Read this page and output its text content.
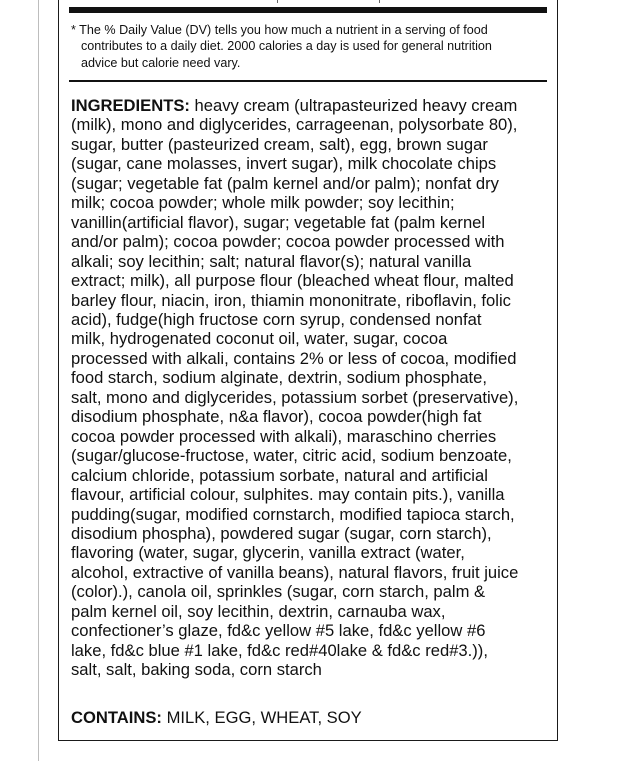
* The % Daily Value (DV) tells you how much a nutrient in a serving of food
contributes to a daily diet. 2000 calories a day is used for general nutrition
advice but calorie need vary.
INGREDIENTS: heavy cream (ultrapasteurized heavy cream
(milk), mono and diglycerides, carrageenan, polysorbate 80),
sugar, butter (pasteurized cream, salt), egg, brown sugar
(sugar, cane molasses, invert sugar), milk chocolate chips
(sugar; vegetable fat (palm kernel and/or palm); nonfat dry
milk; cocoa powder; whole milk powder; soy lecithin;
vanillin(artificial flavor), sugar; vegetable fat (palm kernel
and/or palm); cocoa powder; cocoa powder processed with
alkali; soy lecithin; salt; natural flavor(s); natural vanilla
extract; milk), all purpose flour (bleached wheat flour, malted
barley flour, niacin, iron, thiamin mononitrate, riboflavin, folic
acid), fudge(high fructose corn syrup, condensed nonfat
milk, hydrogenated coconut oil, water, sugar, cocoa
processed with alkali, contains 2% or less of cocoa, modified
food starch, sodium alginate, dextrin, sodium phosphate,
salt, mono and diglycerides, potassium sorbet (preservative),
disodium phosphate, n&a flavor), cocoa powder(high fat
cocoa powder processed with alkali), maraschino cherries
(sugar/glucose-fructose, water, citric acid, sodium benzoate,
calcium chloride, potassium sorbate, natural and artificial
flavour, artificial colour, sulphites. may contain pits.), vanilla
pudding(sugar, modified cornstarch, modified tapioca starch,
disodium phospha), powdered sugar (sugar, corn starch),
flavoring (water, sugar, glycerin, vanilla extract (water,
alcohol, extractive of vanilla beans), natural flavors, fruit juice
(color).), canola oil, sprinkles (sugar, corn starch, palm &
palm kernel oil, soy lecithin, dextrin, carnauba wax,
confectioner’s glaze, fd&c yellow #5 lake, fd&c yellow #6
lake, fd&c blue #1 lake, fd&c red#40lake & fd&c red#3.)),
salt, salt, baking soda, corn starch
CONTAINS: MILK, EGG, WHEAT, SOY
